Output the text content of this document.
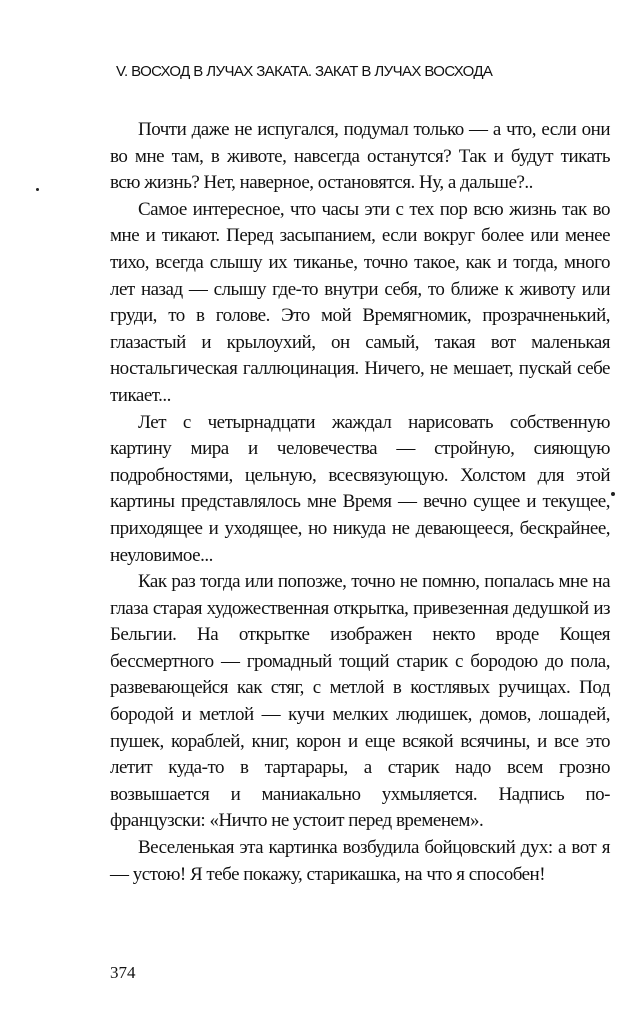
V. ВОСХОД В ЛУЧАХ ЗАКАТА. ЗАКАТ В ЛУЧАХ ВОСХОДА

Почти даже не испугался, подумал только — а что, если они во мне там, в животе, навсегда останутся? Так и будут тикать всю жизнь? Нет, наверное, остановятся. Ну, а дальше?..

Самое интересное, что часы эти с тех пор всю жизнь так во мне и тикают. Перед засыпанием, если вокруг более или менее тихо, всегда слышу их тиканье, точно такое, как и тогда, много лет назад — слышу где-то внутри себя, то ближе к животу или груди, то в голове. Это мой Времягномик, прозрачненький, глазастый и крылоухий, он самый, такая вот маленькая ностальгическая галлюцинация. Ничего, не мешает, пускай себе тикает...

Лет с четырнадцати жаждал нарисовать собственную картину мира и человечества — стройную, сияющую подробностями, цельную, всесвязующую. Холстом для этой картины представлялось мне Время — вечно сущее и текущее, приходящее и уходящее, но никуда не девающееся, бескрайнее, неуловимое...

Как раз тогда или попозже, точно не помню, попалась мне на глаза старая художественная открытка, привезенная дедушкой из Бельгии. На открытке изображен некто вроде Кощея бессмертного — громадный тощий старик с бородою до пола, развевающейся как стяг, с метлой в костлявых ручищах. Под бородой и метлой — кучи мелких людишек, домов, лошадей, пушек, кораблей, книг, корон и еще всякой всячины, и все это летит куда-то в тартарары, а старик надо всем грозно возвышается и маниакально ухмыляется. Надпись по-французски: «Ничто не устоит перед временем».

Веселенькая эта картинка возбудила бойцовский дух: а вот я — устою! Я тебе покажу, старикашка, на что я способен!

374
